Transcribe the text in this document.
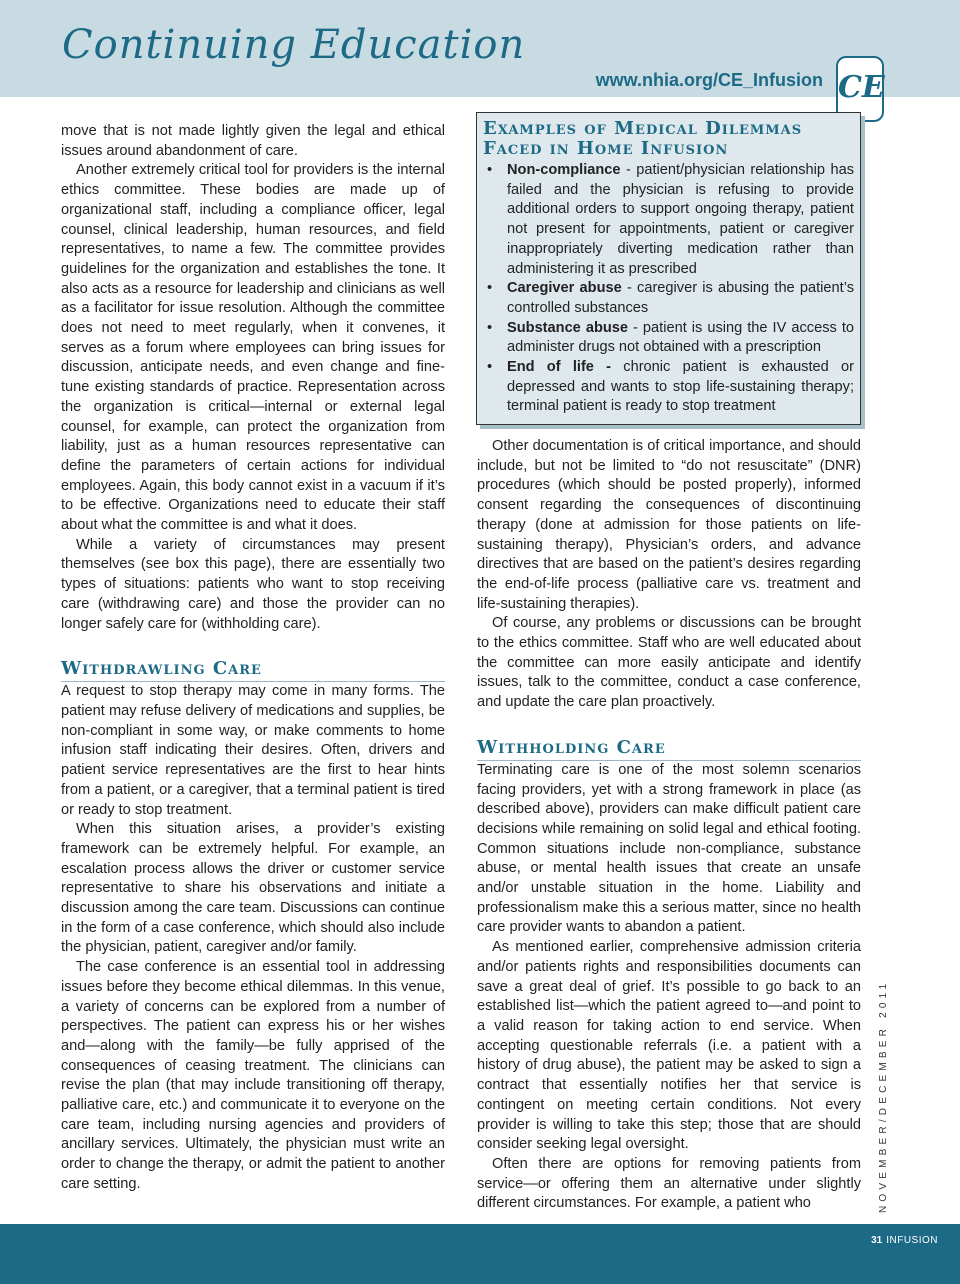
Continuing Education
www.nhia.org/CE_Infusion CE

move that is not made lightly given the legal and ethical issues around abandonment of care.

Another extremely critical tool for providers is the internal ethics committee. These bodies are made up of organizational staff, including a compliance officer, legal counsel, clinical leadership, human resources, and field representatives, to name a few. The committee provides guidelines for the organization and establishes the tone. It also acts as a resource for leadership and clinicians as well as a facilitator for issue resolution. Although the committee does not need to meet regularly, when it convenes, it serves as a forum where employees can bring issues for discussion, anticipate needs, and even change and fine-tune existing standards of practice. Representation across the organization is critical—internal or external legal counsel, for example, can protect the organization from liability, just as a human resources representative can define the parameters of certain actions for individual employees. Again, this body cannot exist in a vacuum if it’s to be effective. Organizations need to educate their staff about what the committee is and what it does.

While a variety of circumstances may present themselves (see box this page), there are essentially two types of situations: patients who want to stop receiving care (withdrawing care) and those the provider can no longer safely care for (withholding care).

Withdrawling Care

A request to stop therapy may come in many forms. The patient may refuse delivery of medications and supplies, be non-compliant in some way, or make comments to home infusion staff indicating their desires. Often, drivers and patient service representatives are the first to hear hints from a patient, or a caregiver, that a terminal patient is tired or ready to stop treatment.

When this situation arises, a provider’s existing framework can be extremely helpful. For example, an escalation process allows the driver or customer service representative to share his observations and initiate a discussion among the care team. Discussions can continue in the form of a case conference, which should also include the physician, patient, caregiver and/or family.

The case conference is an essential tool in addressing issues before they become ethical dilemmas. In this venue, a variety of concerns can be explored from a number of perspectives. The patient can express his or her wishes and—along with the family—be fully apprised of the consequences of ceasing treatment. The clinicians can revise the plan (that may include transitioning off therapy, palliative care, etc.) and communicate it to everyone on the care team, including nursing agencies and providers of ancillary services. Ultimately, the physician must write an order to change the therapy, or admit the patient to another care setting.

Examples of Medical Dilemmas
Faced in Home Infusion
• Non-compliance - patient/physician relationship has failed and the physician is refusing to provide additional orders to support ongoing therapy, patient not present for appointments, patient or caregiver inappropriately diverting medication rather than administering it as prescribed
• Caregiver abuse - caregiver is abusing the patient’s controlled substances
• Substance abuse - patient is using the IV access to administer drugs not obtained with a prescription
• End of life - chronic patient is exhausted or depressed and wants to stop life-sustaining therapy; terminal patient is ready to stop treatment

Other documentation is of critical importance, and should include, but not be limited to “do not resuscitate” (DNR) procedures (which should be posted properly), informed consent regarding the consequences of discontinuing therapy (done at admission for those patients on life-sustaining therapy), Physician’s orders, and advance directives that are based on the patient’s desires regarding the end-of-life process (palliative care vs. treatment and life-sustaining therapies).

Of course, any problems or discussions can be brought to the ethics committee. Staff who are well educated about the committee can more easily anticipate and identify issues, talk to the committee, conduct a case conference, and update the care plan proactively.

Withholding Care

Terminating care is one of the most solemn scenarios facing providers, yet with a strong framework in place (as described above), providers can make difficult patient care decisions while remaining on solid legal and ethical footing. Common situations include non-compliance, substance abuse, or mental health issues that create an unsafe and/or unstable situation in the home. Liability and professionalism make this a serious matter, since no health care provider wants to abandon a patient.

As mentioned earlier, comprehensive admission criteria and/or patients rights and responsibilities documents can save a great deal of grief. It’s possible to go back to an established list—which the patient agreed to—and point to a valid reason for taking action to end service. When accepting questionable referrals (i.e. a patient with a history of drug abuse), the patient may be asked to sign a contract that essentially notifies her that service is contingent on meeting certain conditions. Not every provider is willing to take this step; those that are should consider seeking legal oversight.

Often there are options for removing patients from service—or offering them an alternative under slightly different circumstances. For example, a patient who	NOVEMBER/DECEMBER 2011
31 INFUSION
